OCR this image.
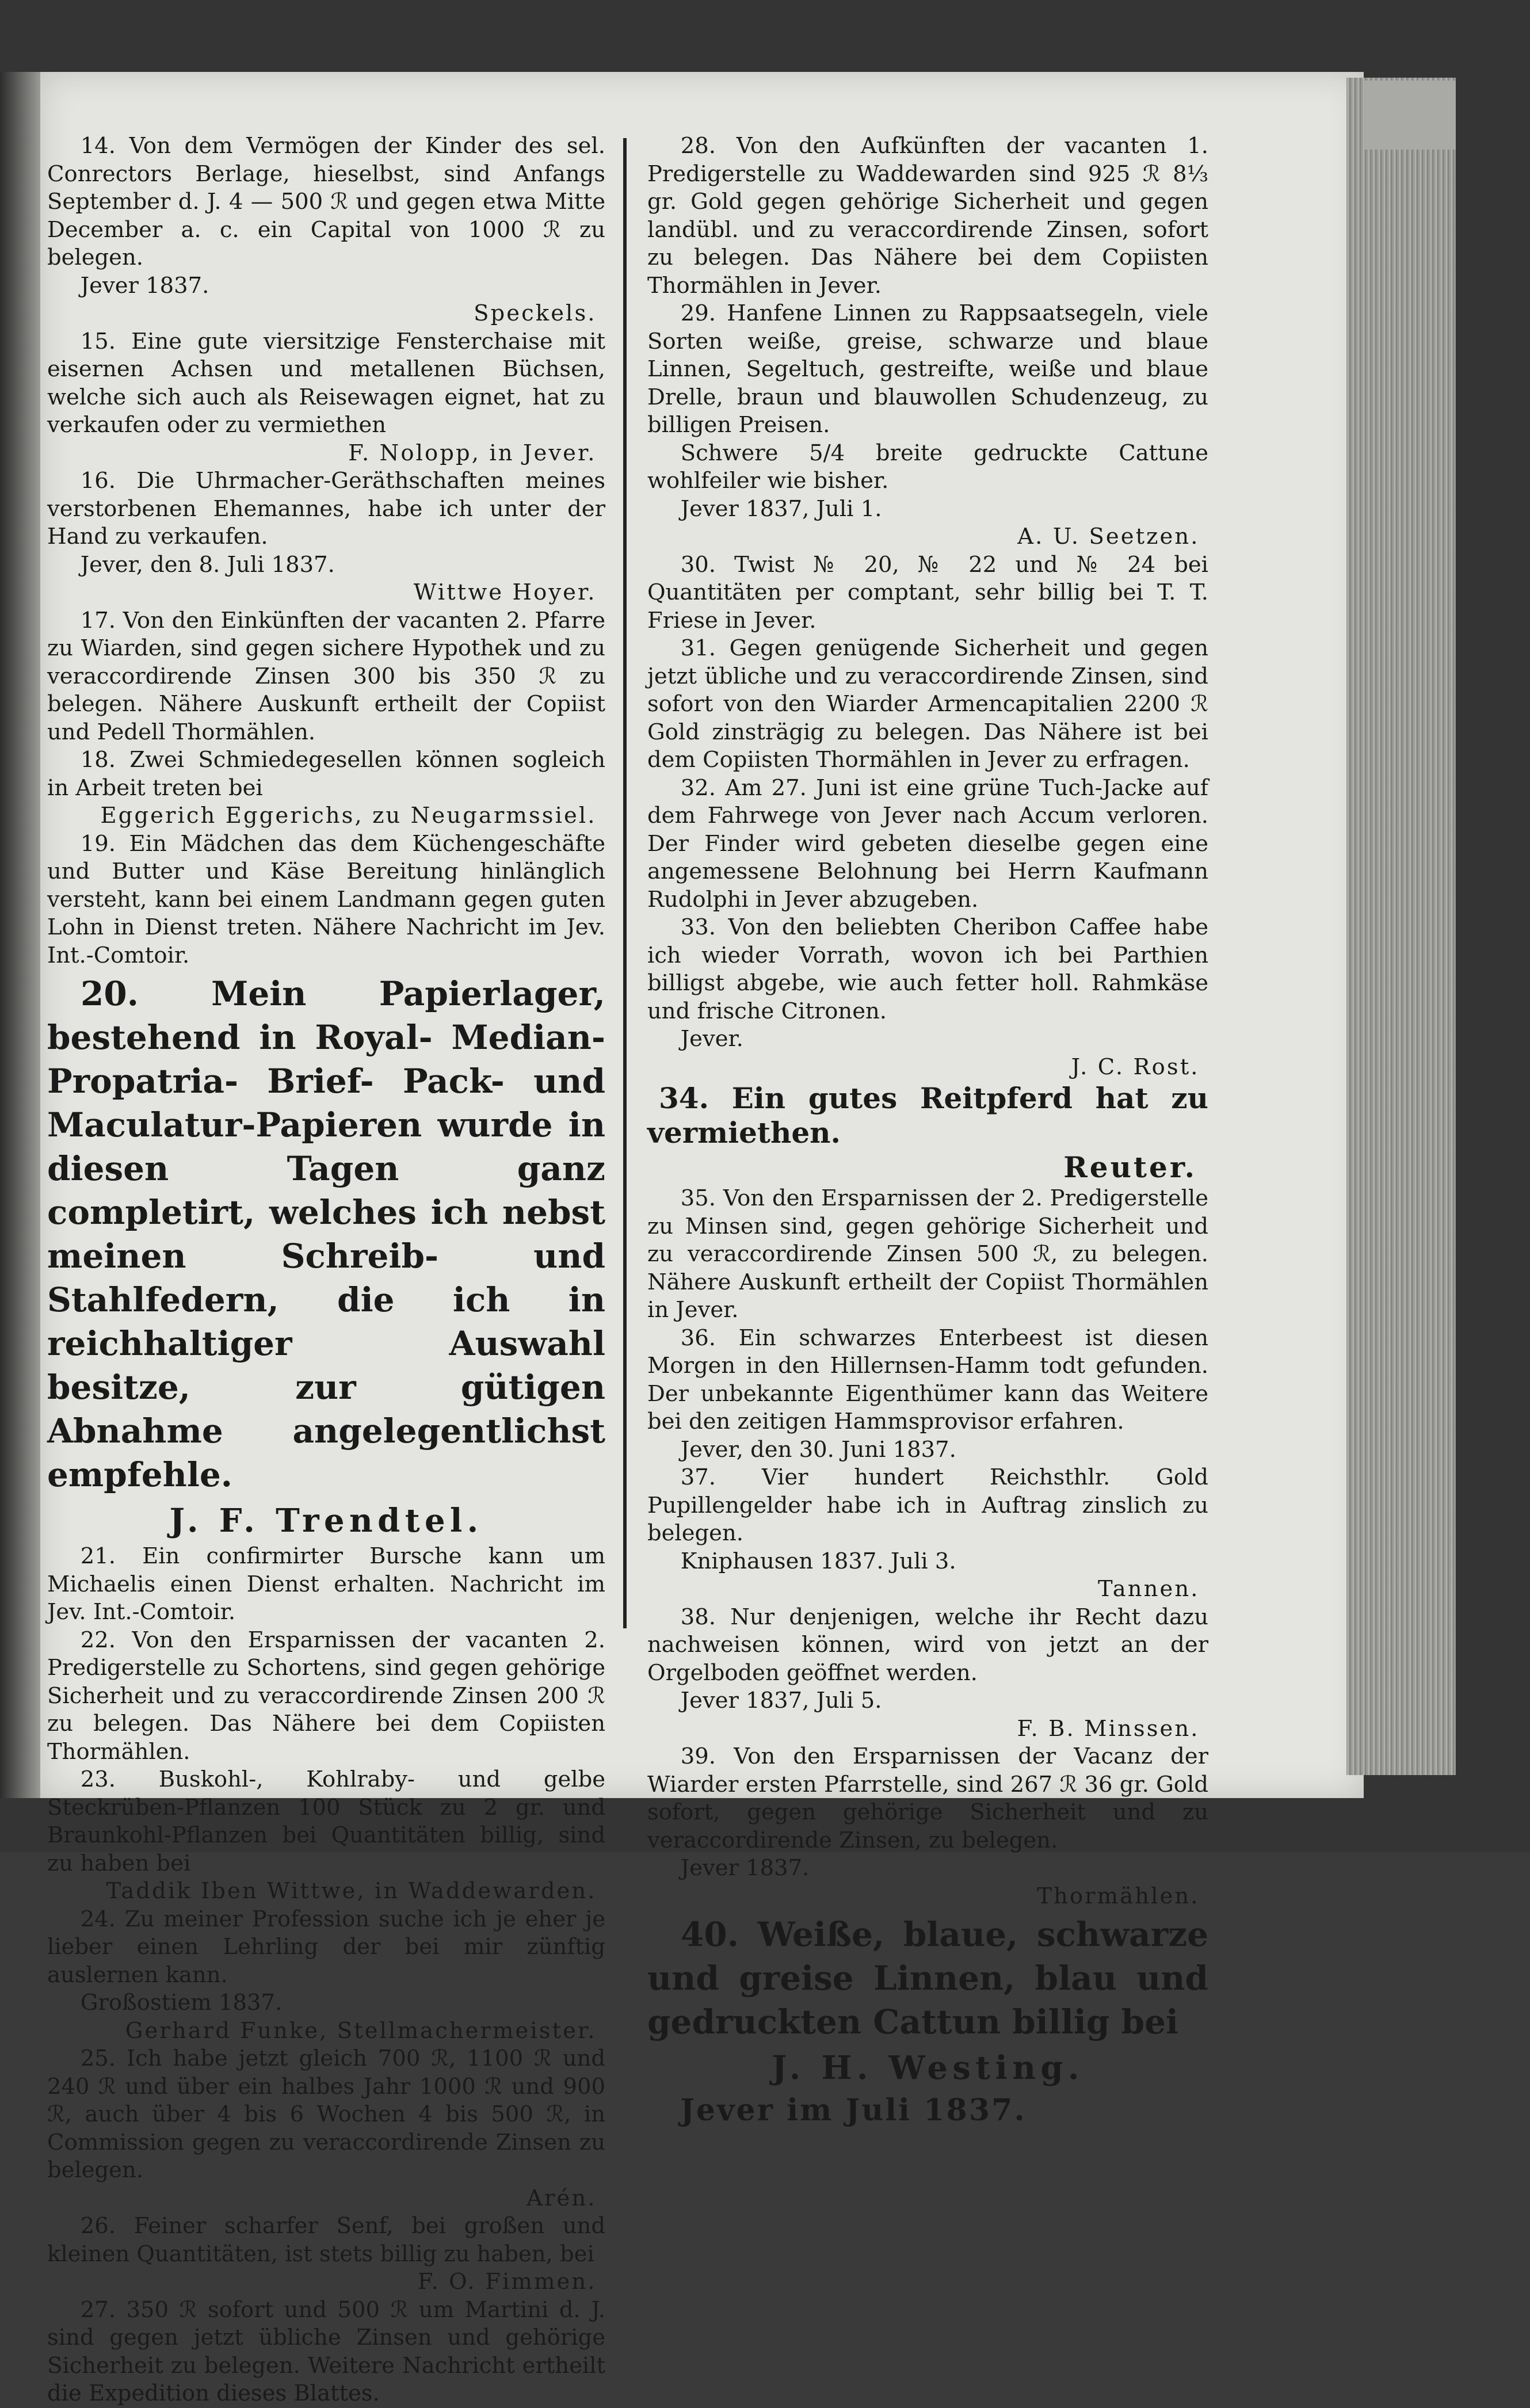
14. Von dem Vermögen der Kinder des sel. Conrectors Berlage, hieselbst, sind Anfangs September d. J. 4 — 500 ℛ und gegen etwa Mitte December a. c. ein Capital von 1000 ℛ zu belegen.

Jever 1837.

Speckels.

15. Eine gute viersitzige Fensterchaise mit eisernen Achsen und metallenen Büchsen, welche sich auch als Reisewagen eignet, hat zu verkaufen oder zu vermiethen

F. Nolopp, in Jever.

16. Die Uhrmacher-Geräthschaften meines verstorbenen Ehemannes, habe ich unter der Hand zu verkaufen.

Jever, den 8. Juli 1837.

Wittwe Hoyer.

17. Von den Einkünften der vacanten 2. Pfarre zu Wiarden, sind gegen sichere Hypothek und zu veraccordirende Zinsen 300 bis 350 ℛ zu belegen. Nähere Auskunft ertheilt der Copiist und Pedell Thormählen.

18. Zwei Schmiedegesellen können sogleich in Arbeit treten bei

Eggerich Eggerichs, zu Neugarmssiel.

19. Ein Mädchen das dem Küchengeschäfte und Butter und Käse Bereitung hinlänglich versteht, kann bei einem Landmann gegen guten Lohn in Dienst treten. Nähere Nachricht im Jev. Int.-Comtoir.

20. Mein Papierlager, bestehend in Royal- Median- Propatria- Brief- Pack- und Maculatur-Papieren wurde in diesen Tagen ganz completirt, welches ich nebst meinen Schreib- und Stahlfedern, die ich in reichhaltiger Auswahl besitze, zur gütigen Abnahme angelegentlichst empfehle.

J. F. Trendtel.

21. Ein confirmirter Bursche kann um Michaelis einen Dienst erhalten. Nachricht im Jev. Int.-Comtoir.

22. Von den Ersparnissen der vacanten 2. Predigerstelle zu Schortens, sind gegen gehörige Sicherheit und zu veraccordirende Zinsen 200 ℛ zu belegen. Das Nähere bei dem Copiisten Thormählen.

23. Buskohl-, Kohlraby- und gelbe Steckrüben-Pflanzen 100 Stück zu 2 gr. und Braunkohl-Pflanzen bei Quantitäten billig, sind zu haben bei

Taddik Iben Wittwe, in Waddewarden.

24. Zu meiner Profession suche ich je eher je lieber einen Lehrling der bei mir zünftig auslernen kann.

Großostiem 1837.

Gerhard Funke, Stellmachermeister.

25. Ich habe jetzt gleich 700 ℛ, 1100 ℛ und 240 ℛ und über ein halbes Jahr 1000 ℛ und 900 ℛ, auch über 4 bis 6 Wochen 4 bis 500 ℛ, in Commission gegen zu veraccordirende Zinsen zu belegen.

Arén.

26. Feiner scharfer Senf, bei großen und kleinen Quantitäten, ist stets billig zu haben, bei

F. O. Fimmen.

27. 350 ℛ sofort und 500 ℛ um Martini d. J. sind gegen jetzt übliche Zinsen und gehörige Sicherheit zu belegen. Weitere Nachricht ertheilt die Expedition dieses Blattes.

28. Von den Aufkünften der vacanten 1. Predigerstelle zu Waddewarden sind 925 ℛ 8⅓ gr. Gold gegen gehörige Sicherheit und gegen landübl. und zu veraccordirende Zinsen, sofort zu belegen. Das Nähere bei dem Copiisten Thormählen in Jever.

29. Hanfene Linnen zu Rappsaatsegeln, viele Sorten weiße, greise, schwarze und blaue Linnen, Segeltuch, gestreifte, weiße und blaue Drelle, braun und blauwollen Schudenzeug, zu billigen Preisen.

Schwere 5/4 breite gedruckte Cattune wohlfeiler wie bisher.

Jever 1837, Juli 1.

A. U. Seetzen.

30. Twist № 20, № 22 und № 24 bei Quantitäten per comptant, sehr billig bei T. T. Friese in Jever.

31. Gegen genügende Sicherheit und gegen jetzt übliche und zu veraccordirende Zinsen, sind sofort von den Wiarder Armencapitalien 2200 ℛ Gold zinsträgig zu belegen. Das Nähere ist bei dem Copiisten Thormählen in Jever zu erfragen.

32. Am 27. Juni ist eine grüne Tuch-Jacke auf dem Fahrwege von Jever nach Accum verloren. Der Finder wird gebeten dieselbe gegen eine angemessene Belohnung bei Herrn Kaufmann Rudolphi in Jever abzugeben.

33. Von den beliebten Cheribon Caffee habe ich wieder Vorrath, wovon ich bei Parthien billigst abgebe, wie auch fetter holl. Rahmkäse und frische Citronen.

Jever.

J. C. Rost.

34. Ein gutes Reitpferd hat zu vermiethen.

Reuter.

35. Von den Ersparnissen der 2. Predigerstelle zu Minsen sind, gegen gehörige Sicherheit und zu veraccordirende Zinsen 500 ℛ, zu belegen. Nähere Auskunft ertheilt der Copiist Thormählen in Jever.

36. Ein schwarzes Enterbeest ist diesen Morgen in den Hillernsen-Hamm todt gefunden. Der unbekannte Eigenthümer kann das Weitere bei den zeitigen Hammsprovisor erfahren.

Jever, den 30. Juni 1837.

37. Vier hundert Reichsthlr. Gold Pupillengelder habe ich in Auftrag zinslich zu belegen.

Kniphausen 1837. Juli 3.

Tannen.

38. Nur denjenigen, welche ihr Recht dazu nachweisen können, wird von jetzt an der Orgelboden geöffnet werden.

Jever 1837, Juli 5.

F. B. Minssen.

39. Von den Ersparnissen der Vacanz der Wiarder ersten Pfarrstelle, sind 267 ℛ 36 gr. Gold sofort, gegen gehörige Sicherheit und zu veraccordirende Zinsen, zu belegen.

Jever 1837.

Thormählen.

40. Weiße, blaue, schwarze und greise Linnen, blau und gedruckten Cattun billig bei

J. H. Westing.

Jever im Juli 1837.
